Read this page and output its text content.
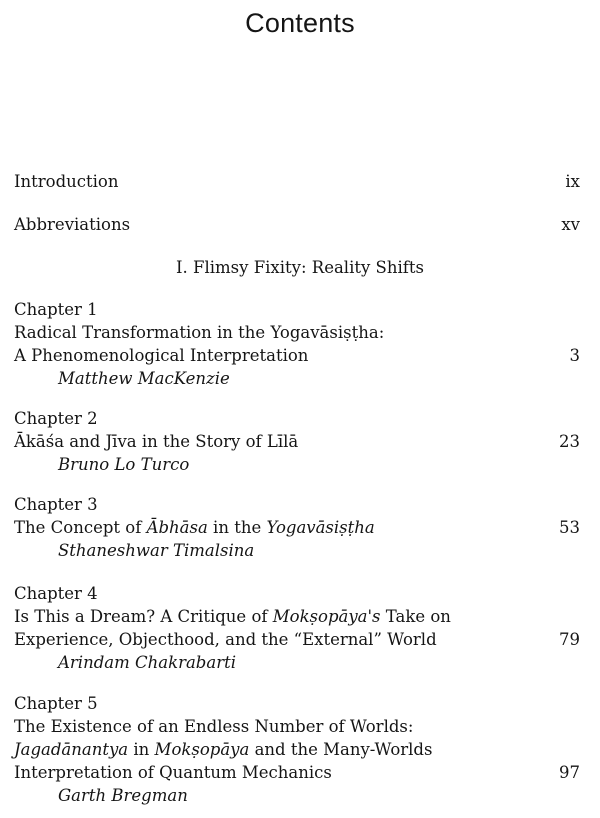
Contents
Introduction	ix
Abbreviations	xv
I. Flimsy Fixity: Reality Shifts
Chapter 1
Radical Transformation in the Yogavāsiṣṭha:
A Phenomenological Interpretation	3
Matthew MacKenzie
Chapter 2
Ākāśa and Jīva in the Story of Līlā	23
Bruno Lo Turco
Chapter 3
The Concept of Ābhāsa in the Yogavāsiṣṭha	53
Sthaneshwar Timalsina
Chapter 4
Is This a Dream? A Critique of Mokṣopāya's Take on
Experience, Objecthood, and the “External” World	79
Arindam Chakrabarti
Chapter 5
The Existence of an Endless Number of Worlds:
Jagadānantya in Mokṣopāya and the Many-Worlds
Interpretation of Quantum Mechanics	97
Garth Bregman
